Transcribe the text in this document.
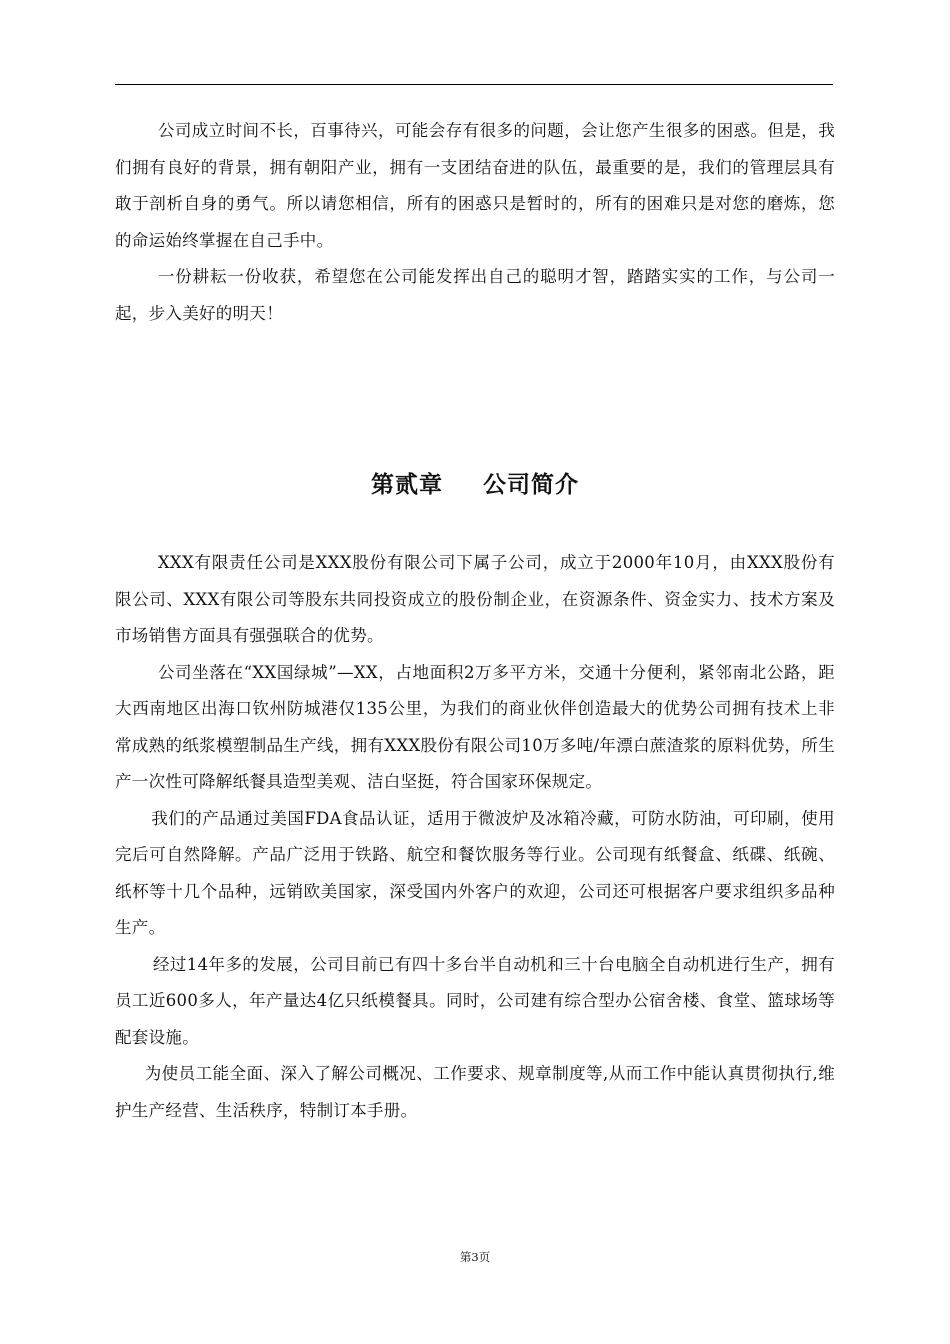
公司成立时间不长，百事待兴，可能会存有很多的问题，会让您产生很多的困惑。但是，我们拥有良好的背景，拥有朝阳产业，拥有一支团结奋进的队伍，最重要的是，我们的管理层具有敢于剖析自身的勇气。所以请您相信，所有的困惑只是暂时的，所有的困难只是对您的磨炼，您的命运始终掌握在自己手中。

一份耕耘一份收获，希望您在公司能发挥出自己的聪明才智，踏踏实实的工作，与公司一起，步入美好的明天！

第贰章 公司简介

XXX有限责任公司是XXX股份有限公司下属子公司，成立于2000年10月，由XXX股份有限公司、XXX有限公司等股东共同投资成立的股份制企业，在资源条件、资金实力、技术方案及市场销售方面具有强强联合的优势。

公司坐落在“XX国绿城”—XX，占地面积2万多平方米，交通十分便利，紧邻南北公路，距大西南地区出海口钦州防城港仅135公里，为我们的商业伙伴创造最大的优势公司拥有技术上非常成熟的纸浆模塑制品生产线，拥有XXX股份有限公司10万多吨/年漂白蔗渣浆的原料优势，所生产一次性可降解纸餐具造型美观、洁白坚挺，符合国家环保规定。

我们的产品通过美国FDA食品认证，适用于微波炉及冰箱冷藏，可防水防油，可印刷，使用完后可自然降解。产品广泛用于铁路、航空和餐饮服务等行业。公司现有纸餐盒、纸碟、纸碗、纸杯等十几个品种，远销欧美国家，深受国内外客户的欢迎，公司还可根据客户要求组织多品种生产。

经过14年多的发展，公司目前已有四十多台半自动机和三十台电脑全自动机进行生产，拥有员工近600多人，年产量达4亿只纸模餐具。同时，公司建有综合型办公宿舍楼、食堂、篮球场等配套设施。

为使员工能全面、深入了解公司概况、工作要求、规章制度等,从而工作中能认真贯彻执行,维护生产经营、生活秩序，特制订本手册。

第3页
